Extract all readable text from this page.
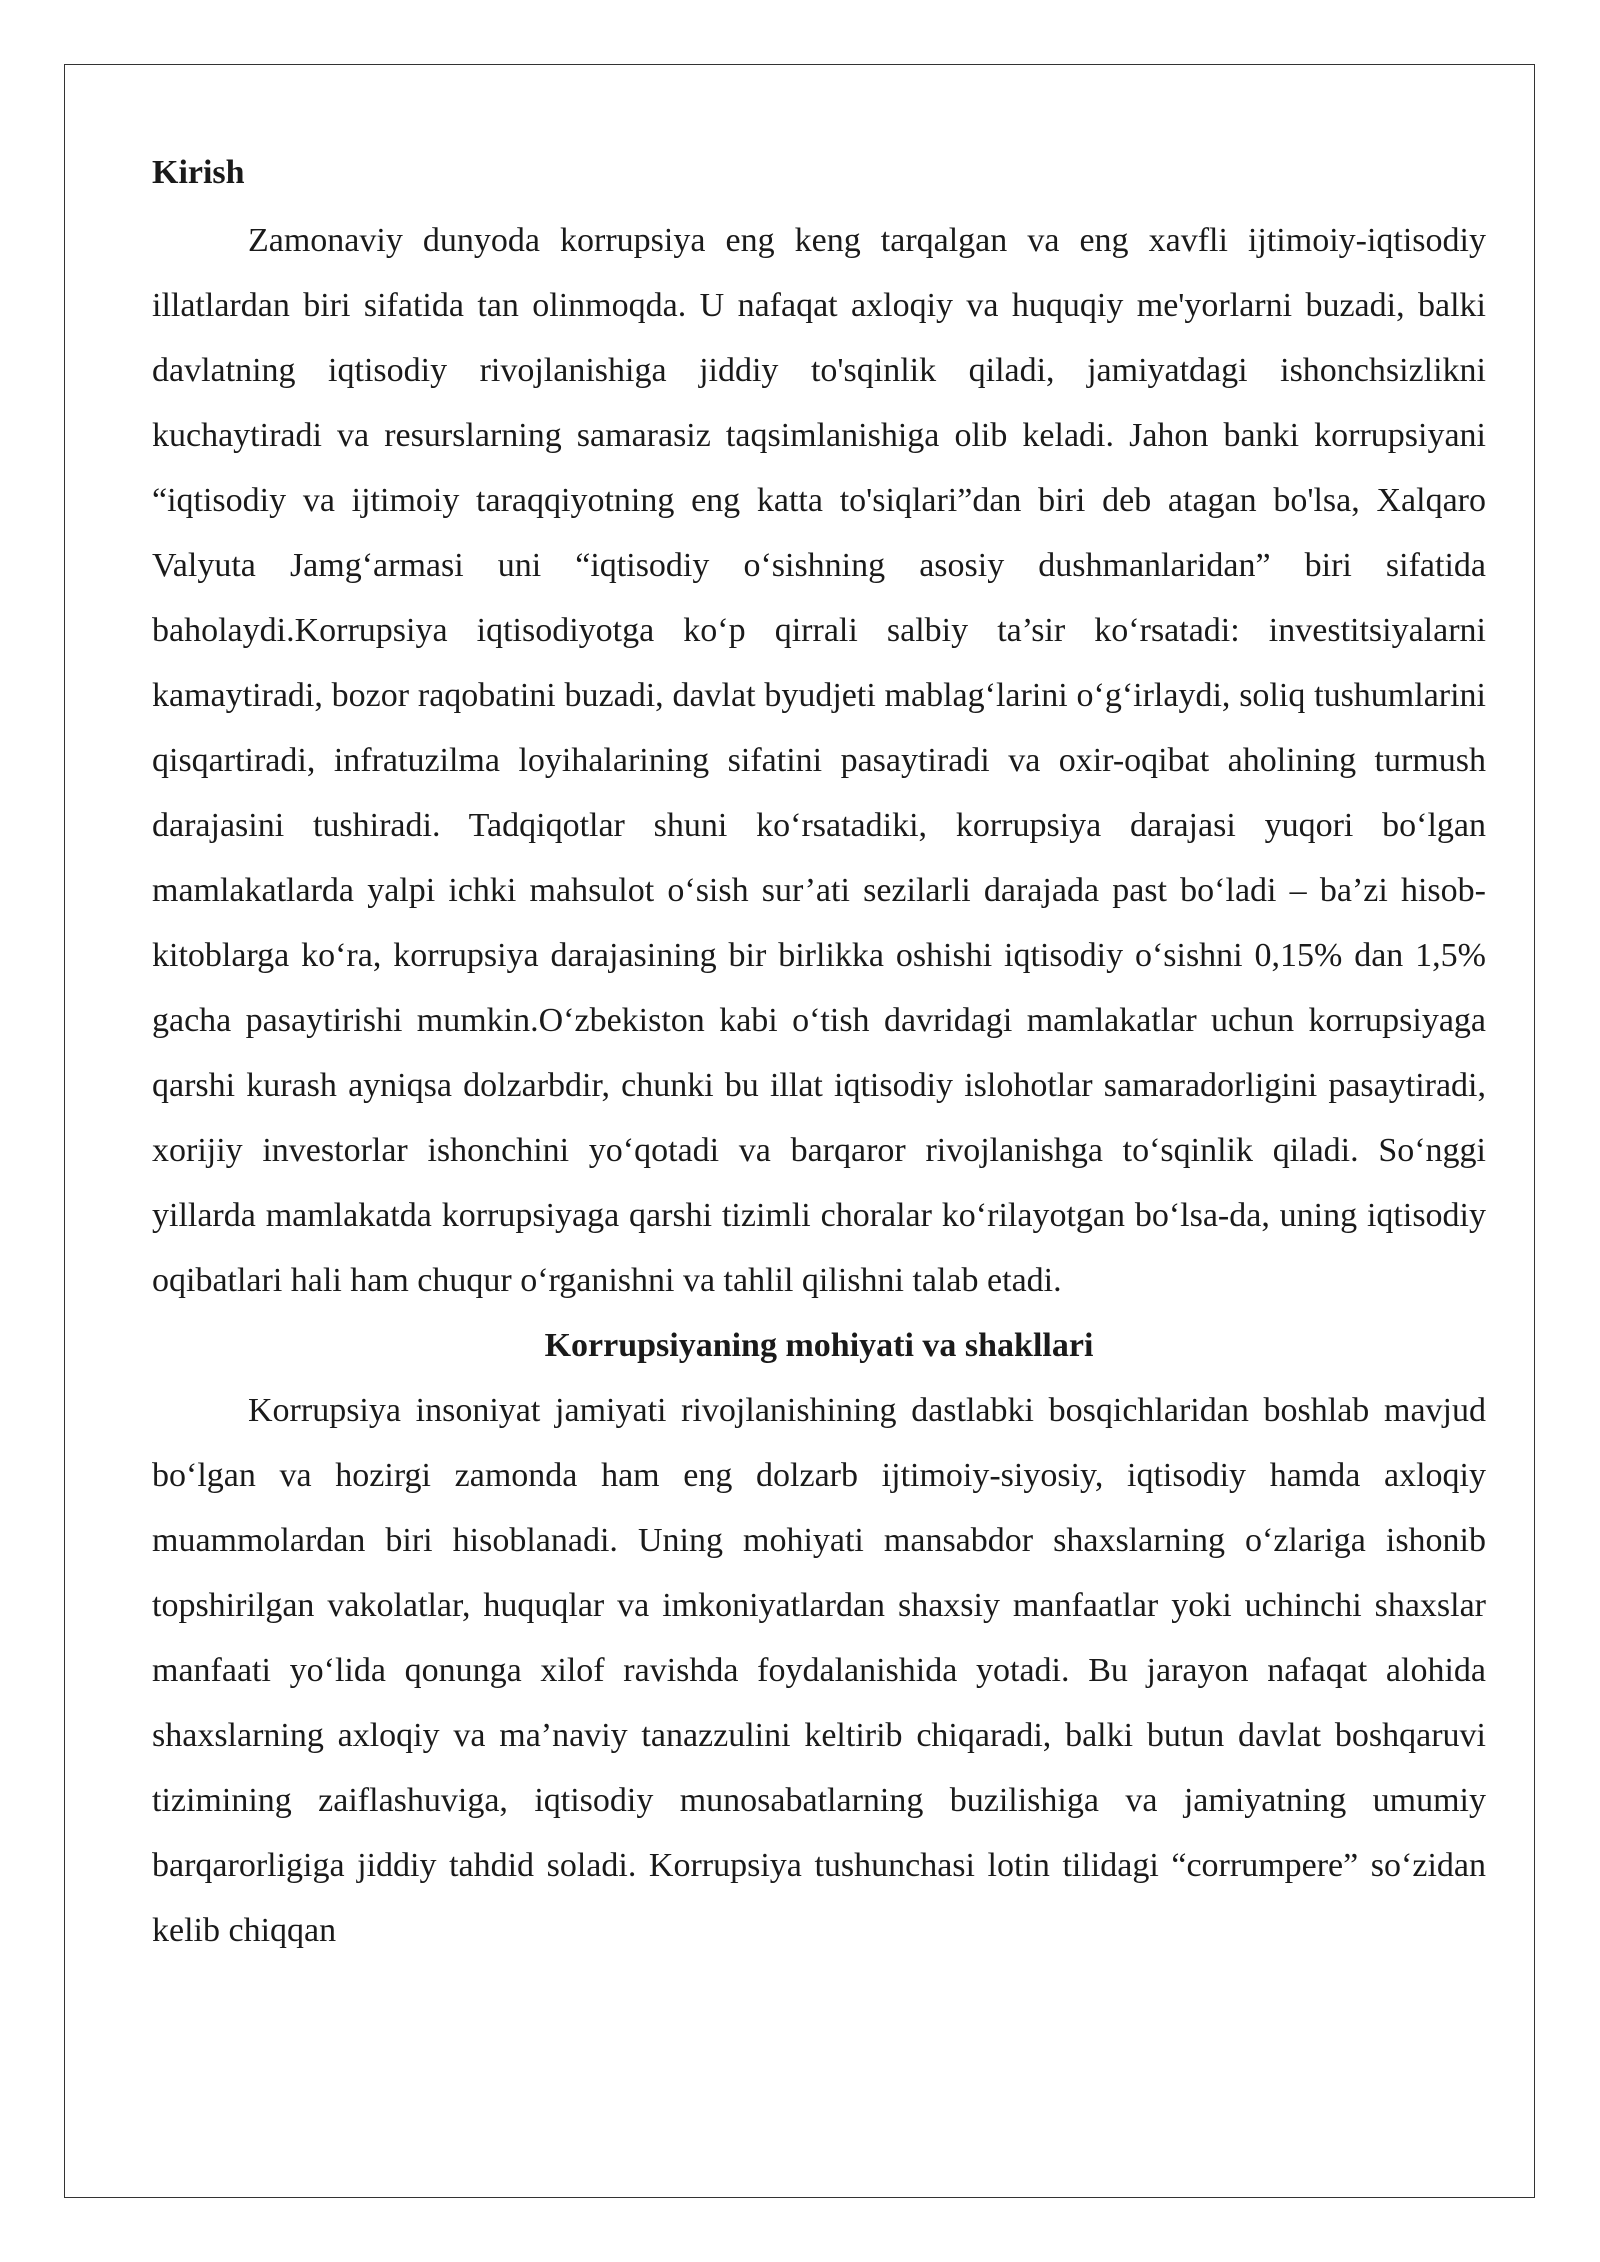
Kirish

Zamonaviy dunyoda korrupsiya eng keng tarqalgan va eng xavfli ijtimoiy-iqtisodiy illatlardan biri sifatida tan olinmoqda. U nafaqat axloqiy va huquqiy me'yorlarni buzadi, balki davlatning iqtisodiy rivojlanishiga jiddiy to'sqinlik qiladi, jamiyatdagi ishonchsizlikni kuchaytiradi va resurslarning samarasiz taqsimlanishiga olib keladi. Jahon banki korrupsiyani “iqtisodiy va ijtimoiy taraqqiyotning eng katta to'siqlari”dan biri deb atagan bo'lsa, Xalqaro Valyuta Jamg‘armasi uni “iqtisodiy o‘sishning asosiy dushmanlaridan” biri sifatida baholaydi.Korrupsiya iqtisodiyotga ko‘p qirrali salbiy ta’sir ko‘rsatadi: investitsiyalarni kamaytiradi, bozor raqobatini buzadi, davlat byudjeti mablag‘larini o‘g‘irlaydi, soliq tushumlarini qisqartiradi, infratuzilma loyihalarining sifatini pasaytiradi va oxir-oqibat aholining turmush darajasini tushiradi. Tadqiqotlar shuni ko‘rsatadiki, korrupsiya darajasi yuqori bo‘lgan mamlakatlarda yalpi ichki mahsulot o‘sish sur’ati sezilarli darajada past bo‘ladi – ba’zi hisob-kitoblarga ko‘ra, korrupsiya darajasining bir birlikka oshishi iqtisodiy o‘sishni 0,15% dan 1,5% gacha pasaytirishi mumkin.O‘zbekiston kabi o‘tish davridagi mamlakatlar uchun korrupsiyaga qarshi kurash ayniqsa dolzarbdir, chunki bu illat iqtisodiy islohotlar samaradorligini pasaytiradi, xorijiy investorlar ishonchini yo‘qotadi va barqaror rivojlanishga to‘sqinlik qiladi. So‘nggi yillarda mamlakatda korrupsiyaga qarshi tizimli choralar ko‘rilayotgan bo‘lsa-da, uning iqtisodiy oqibatlari hali ham chuqur o‘rganishni va tahlil qilishni talab etadi.

Korrupsiyaning mohiyati va shakllari

Korrupsiya insoniyat jamiyati rivojlanishining dastlabki bosqichlaridan boshlab mavjud bo‘lgan va hozirgi zamonda ham eng dolzarb ijtimoiy-siyosiy, iqtisodiy hamda axloqiy muammolardan biri hisoblanadi. Uning mohiyati mansabdor shaxslarning o‘zlariga ishonib topshirilgan vakolatlar, huquqlar va imkoniyatlardan shaxsiy manfaatlar yoki uchinchi shaxslar manfaati yo‘lida qonunga xilof ravishda foydalanishida yotadi. Bu jarayon nafaqat alohida shaxslarning axloqiy va ma’naviy tanazzulini keltirib chiqaradi, balki butun davlat boshqaruvi tizimining zaiflashuviga, iqtisodiy munosabatlarning buzilishiga va jamiyatning umumiy barqarorligiga jiddiy tahdid soladi. Korrupsiya tushunchasi lotin tilidagi “corrumpere” so‘zidan kelib chiqqan
